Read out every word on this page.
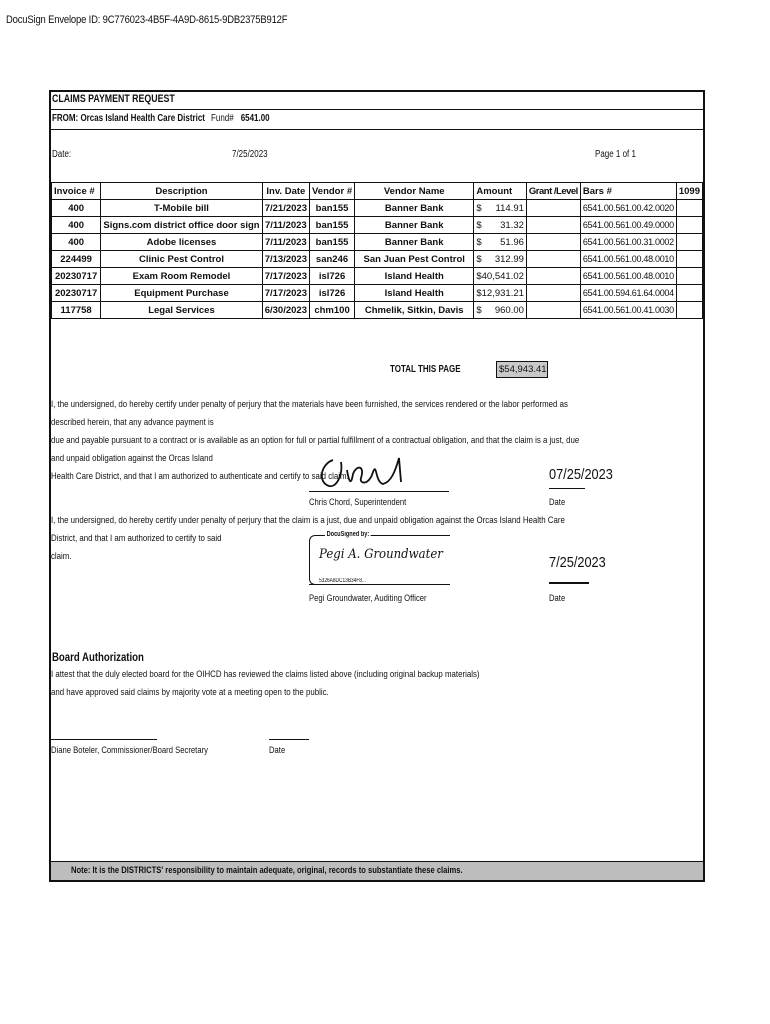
DocuSign Envelope ID: 9C776023-4B5F-4A9D-8615-9DB2375B912F
CLAIMS PAYMENT REQUEST
FROM: Orcas Island Health Care District Fund# 6541.00
Date:	7/25/2023	Page 1 of 1
Invoice #	Description	Inv. Date	Vendor #	Vendor Name	Amount	Grant /Level	Bars #	1099
400	T-Mobile bill	7/21/2023	ban155	Banner Bank	$ 114.91		6541.00.561.00.42.0020	
400	Signs.com district office door sign	7/11/2023	ban155	Banner Bank	$ 31.32		6541.00.561.00.49.0000	
400	Adobe licenses	7/11/2023	ban155	Banner Bank	$ 51.96		6541.00.561.00.31.0002	
224499	Clinic Pest Control	7/13/2023	san246	San Juan Pest Control	$ 312.99		6541.00.561.00.48.0010	
20230717	Exam Room Remodel	7/17/2023	isl726	Island Health	$ 40,541.02		6541.00.561.00.48.0010	
20230717	Equipment Purchase	7/17/2023	isl726	Island Health	$ 12,931.21		6541.00.594.61.64.0004	
117758	Legal Services	6/30/2023	chm100	Chmelik, Sitkin, Davis	$ 960.00		6541.00.561.00.41.0030	
TOTAL THIS PAGE	$ 54,943.41
I, the undersigned, do hereby certify under penalty of perjury that the materials have been furnished, the services rendered or the labor performed as described herein, that any advance payment is
due and payable pursuant to a contract or is available as an option for full or partial fulfillment of a contractual obligation, and that the claim is a just, due and unpaid obligation against the Orcas Island
Health Care District, and that I am authorized to authenticate and certify to said claim.
Chris Chord, Superintendent
07/25/2023
Date
I, the undersigned, do hereby certify under penalty of perjury that the claim is a just, due and unpaid obligation against the Orcas Island Health Care District, and that I am authorized to certify to said
claim.
DocuSigned by:
Pegi A. Groundwater
5326A8DC13B34F8...
Pegi Groundwater, Auditing Officer
7/25/2023
Date
Board Authorization
I attest that the duly elected board for the OIHCD has reviewed the claims listed above (including original backup materials)
and have approved said claims by majority vote at a meeting open to the public.
Diane Boteler, Commissioner/Board Secretary	Date
Note: It is the DISTRICTS' responsibility to maintain adequate, original, records to substantiate these claims.
